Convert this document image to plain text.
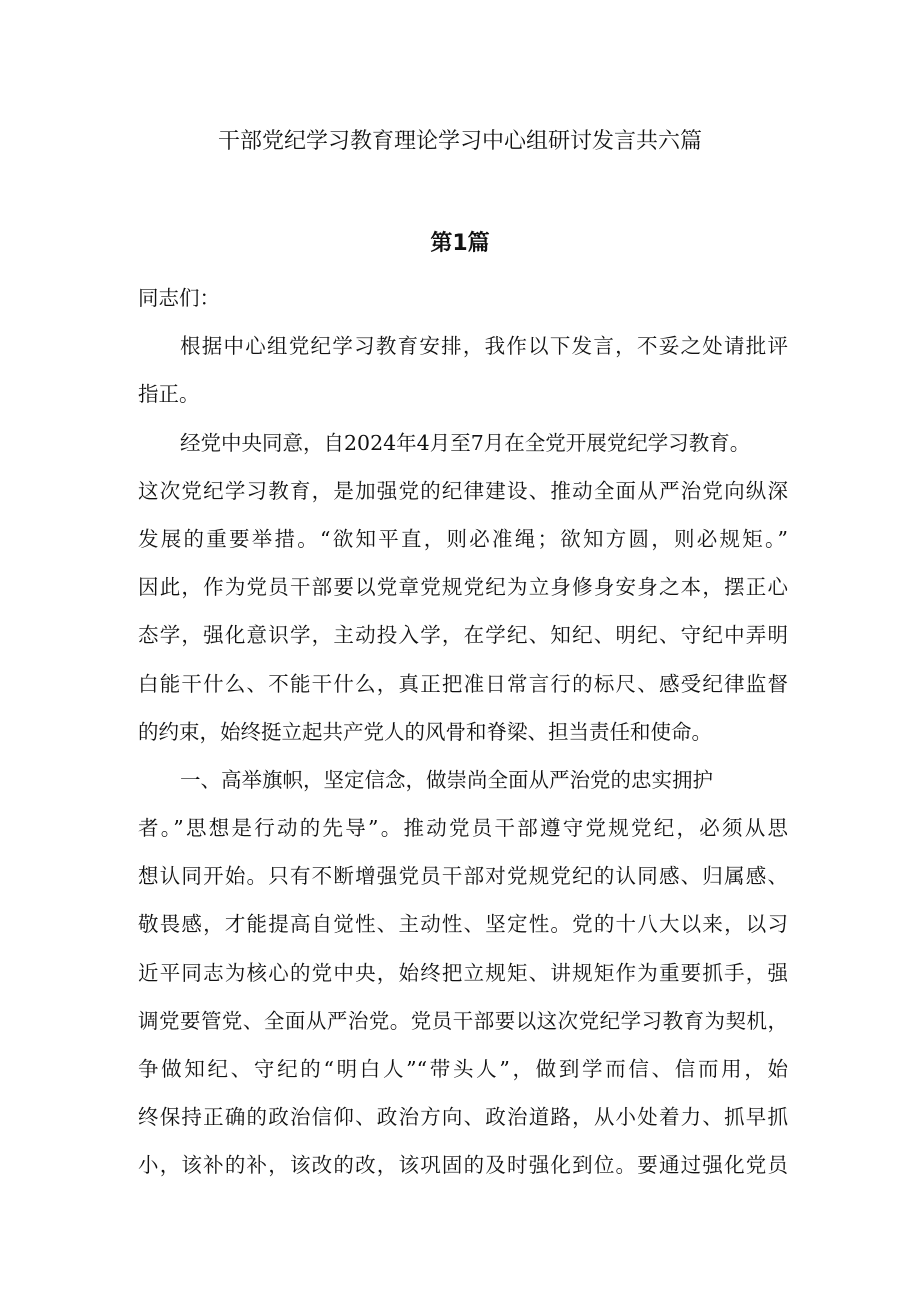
干部党纪学习教育理论学习中心组研讨发言共六篇
第1篇
同志们：
根据中心组党纪学习教育安排，我作以下发言，不妥之处请批评
指正。
经党中央同意，自2024年4月至7月在全党开展党纪学习教育。
这次党纪学习教育，是加强党的纪律建设、推动全面从严治党向纵深
发展的重要举措。“欲知平直，则必准绳；欲知方圆，则必规矩。”
因此，作为党员干部要以党章党规党纪为立身修身安身之本，摆正心
态学，强化意识学，主动投入学，在学纪、知纪、明纪、守纪中弄明
白能干什么、不能干什么，真正把准日常言行的标尺、感受纪律监督
的约束，始终挺立起共产党人的风骨和脊梁、担当责任和使命。
一、高举旗帜，坚定信念，做崇尚全面从严治党的忠实拥护
者。”思想是行动的先导”。推动党员干部遵守党规党纪，必须从思
想认同开始。只有不断增强党员干部对党规党纪的认同感、归属感、
敬畏感，才能提高自觉性、主动性、坚定性。党的十八大以来，以习
近平同志为核心的党中央，始终把立规矩、讲规矩作为重要抓手，强
调党要管党、全面从严治党。党员干部要以这次党纪学习教育为契机，
争做知纪、守纪的“明白人”“带头人”，做到学而信、信而用，始
终保持正确的政治信仰、政治方向、政治道路，从小处着力、抓早抓
小，该补的补，该改的改，该巩固的及时强化到位。要通过强化党员
